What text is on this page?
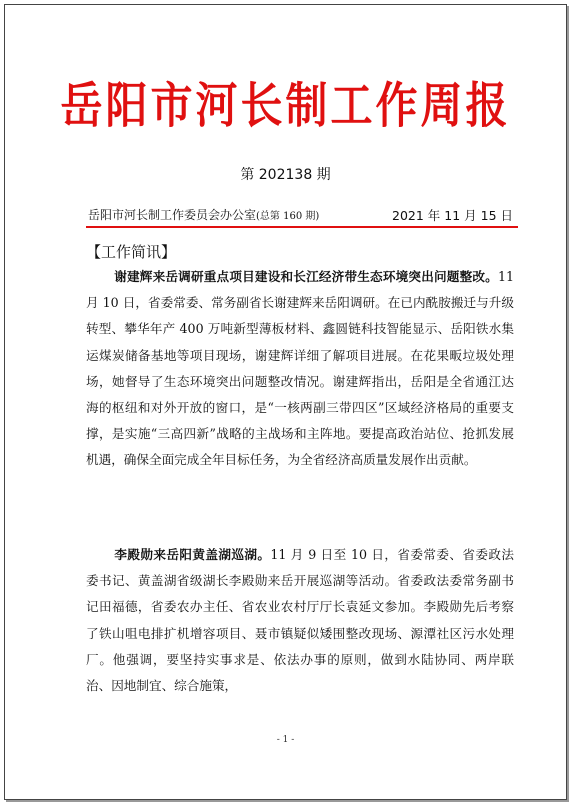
岳阳市河长制工作周报
第 202138 期
岳阳市河长制工作委员会办公室(总第 160 期)	2021 年 11 月 15 日
【工作简讯】

谢建辉来岳调研重点项目建设和长江经济带生态环境突出问题整改。11 月 10 日，省委常委、常务副省长谢建辉来岳阳调研。在已内酰胺搬迁与升级转型、攀华年产 400 万吨新型薄板材料、鑫圆链科技智能显示、岳阳铁水集运煤炭储备基地等项目现场，谢建辉详细了解项目进展。在花果畈垃圾处理场，她督导了生态环境突出问题整改情况。谢建辉指出，岳阳是全省通江达海的枢纽和对外开放的窗口，是“一核两副三带四区”区域经济格局的重要支撑，是实施“三高四新”战略的主战场和主阵地。要提高政治站位、抢抓发展机遇，确保全面完成全年目标任务，为全省经济高质量发展作出贡献。

李殿勋来岳阳黄盖湖巡湖。11 月 9 日至 10 日，省委常委、省委政法委书记、黄盖湖省级湖长李殿勋来岳开展巡湖等活动。省委政法委常务副书记田福德，省委农办主任、省农业农村厅厅长袁延文参加。李殿勋先后考察了铁山咀电排扩机增容项目、聂市镇疑似矮围整改现场、源潭社区污水处理厂。他强调，要坚持实事求是、依法办事的原则，做到水陆协同、两岸联治、因地制宜、综合施策，

- 1 -
